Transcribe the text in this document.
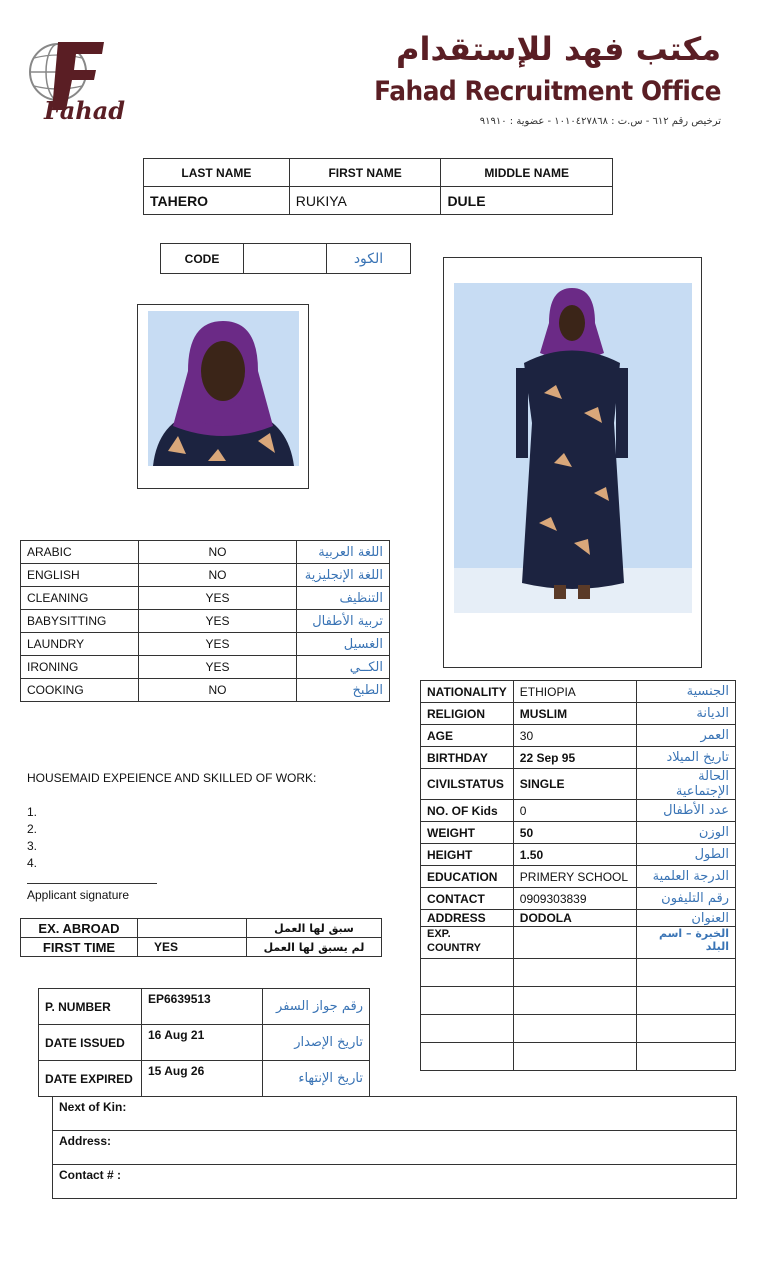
Fahad
مكتب فهد للإستقدام
Fahad Recruitment Office
ترخيص رقم ٦١٢ - س.ت : ١٠١٠٤٢٧٨٦٨ - عضوية : ٩١٩١٠
LAST NAME	FIRST NAME	MIDDLE NAME
TAHERO	RUKIYA	DULE
CODE		الكود
ARABIC	NO	اللغة العربية
ENGLISH	NO	اللغة الإنجليزية
CLEANING	YES	التنظيف
BABYSITTING	YES	تربية الأطفال
LAUNDRY	YES	الغسيل
IRONING	YES	الكــي
COOKING	NO	الطبخ
HOUSEMAID EXPEIENCE AND SKILLED OF WORK:
1.
2.
3.
4.
Applicant signature
EX. ABROAD		سبق لها العمل
FIRST TIME	YES	لم يسبق لها العمل
P. NUMBER	EP6639513	رقم جواز السفر
DATE ISSUED	16 Aug 21	تاريخ الإصدار
DATE EXPIRED	15 Aug 26	تاريخ الإنتهاء
NATIONALITY	ETHIOPIA	الجنسية
RELIGION	MUSLIM	الديانة
AGE	30	العمر
BIRTHDAY	22 Sep 95	تاريخ الميلاد
CIVILSTATUS	SINGLE	الحالة الإجتماعية
NO. OF Kids	0	عدد الأطفال
WEIGHT	50	الوزن
HEIGHT	1.50	الطول
EDUCATION	PRIMERY SCHOOL	الدرجة العلمية
CONTACT	0909303839	رقم التليفون
ADDRESS	DODOLA	العنوان

EXP.
COUNTRY		الخبرة – اسم البلد

Next of Kin:
Address:
Contact # :
